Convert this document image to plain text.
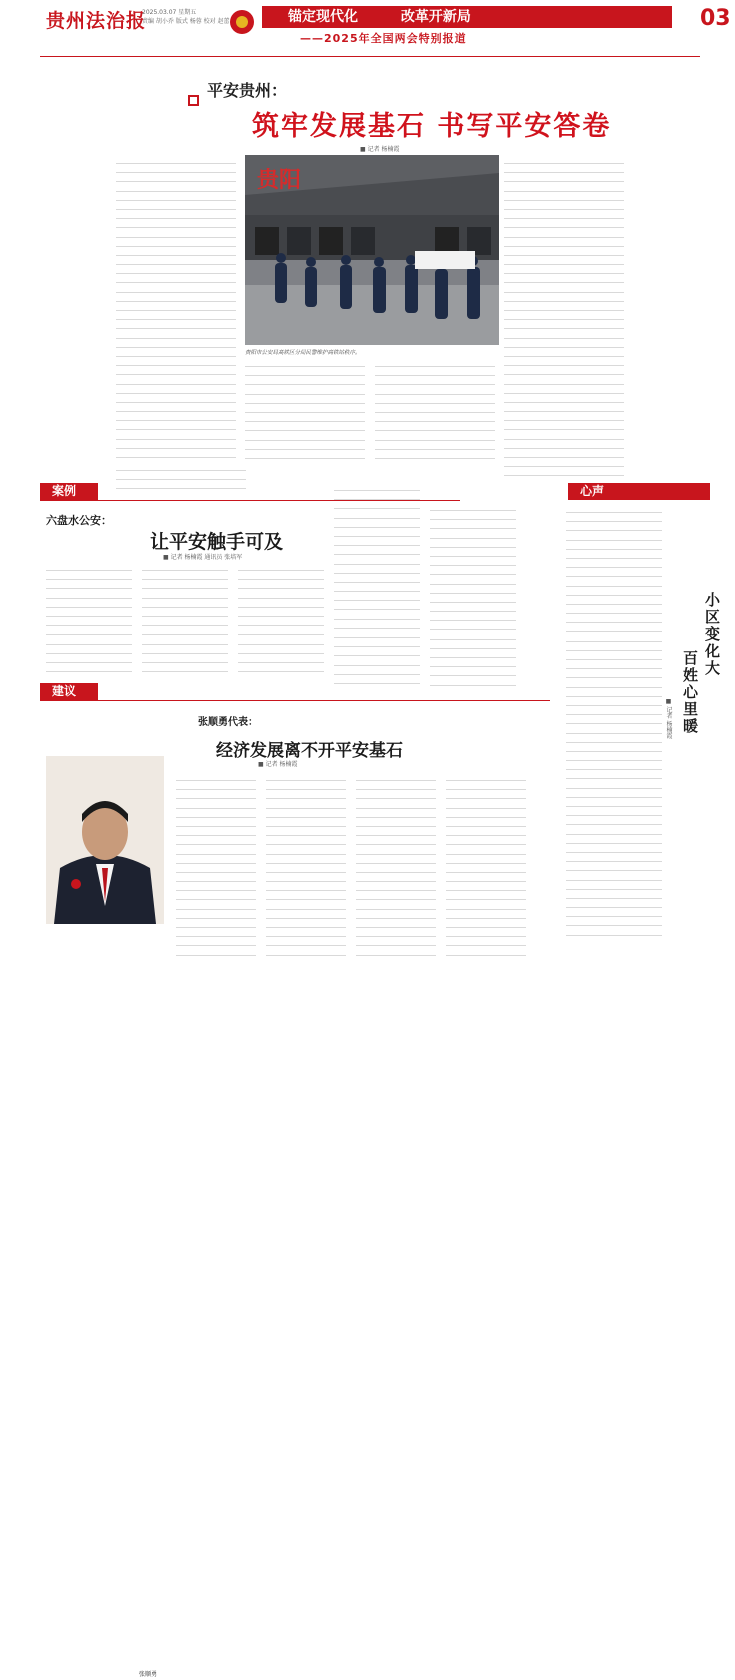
贵州法治报
2025.03.07 星期五
责编 胡小乔 版式 杨蓉 校对 赵蕾	锚定现代化	改革开新局
——2025年全国两会特别报道
03
平安贵州：
筑牢发展基石 书写平安答卷
■ 记者 杨楠霞
贵阳
贵阳市公安局高铁区分局民警维护高铁站秩序。
案例	心声
六盘水公安：
让平安触手可及
■ 记者 杨楠霞 通讯员 张培军
小区变化大
百姓心里暖
■ 记者 杨楠霞
建议
张顺勇代表：
经济发展离不开平安基石
■ 记者 杨楠霞
张顺勇
